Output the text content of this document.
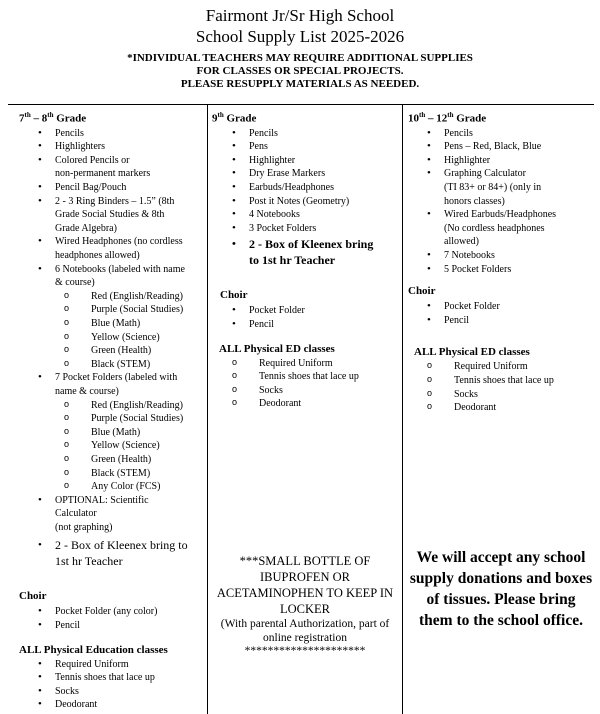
Fairmont Jr/Sr High School
School Supply List 2025-2026
*INDIVIDUAL TEACHERS MAY REQUIRE ADDITIONAL SUPPLIES
FOR CLASSES OR SPECIAL PROJECTS.
PLEASE RESUPPLY MATERIALS AS NEEDED.
7th – 8th Grade
• Pencils
• Highlighters
• Colored Pencils or
non-permanent markers
• Pencil Bag/Pouch
• 2 - 3 Ring Binders – 1.5” (8th
Grade Social Studies & 8th
Grade Algebra)
• Wired Headphones (no cordless
headphones allowed)
• 6 Notebooks (labeled with name
& course)
o Red (English/Reading)
o Purple (Social Studies)
o Blue (Math)
o Yellow (Science)
o Green (Health)
o Black (STEM)
• 7 Pocket Folders (labeled with
name & course)
o Red (English/Reading)
o Purple (Social Studies)
o Blue (Math)
o Yellow (Science)
o Green (Health)
o Black (STEM)
o Any Color (FCS)
• OPTIONAL: Scientific
Calculator
(not graphing)
• 2 - Box of Kleenex bring to
1st hr Teacher
Choir
• Pocket Folder (any color)
• Pencil
ALL Physical Education classes
• Required Uniform
• Tennis shoes that lace up
• Socks
• Deodorant
9th Grade
• Pencils
• Pens
• Highlighter
• Dry Erase Markers
• Earbuds/Headphones
• Post it Notes (Geometry)
• 4 Notebooks
• 3 Pocket Folders
• 2 - Box of Kleenex bring
to 1st hr Teacher
Choir
• Pocket Folder
• Pencil
ALL Physical ED classes
o Required Uniform
o Tennis shoes that lace up
o Socks
o Deodorant
***SMALL BOTTLE OF IBUPROFEN OR ACETAMINOPHEN TO KEEP IN LOCKER
(With parental Authorization, part of online registration
*********************
10th – 12th Grade
• Pencils
• Pens – Red, Black, Blue
• Highlighter
• Graphing Calculator
(TI 83+ or 84+) (only in
honors classes)
• Wired Earbuds/Headphones
(No cordless headphones
allowed)
• 7 Notebooks
• 5 Pocket Folders
Choir
• Pocket Folder
• Pencil
ALL Physical ED classes
o Required Uniform
o Tennis shoes that lace up
o Socks
o Deodorant
We will accept any school supply donations and boxes of tissues. Please bring them to the school office.
